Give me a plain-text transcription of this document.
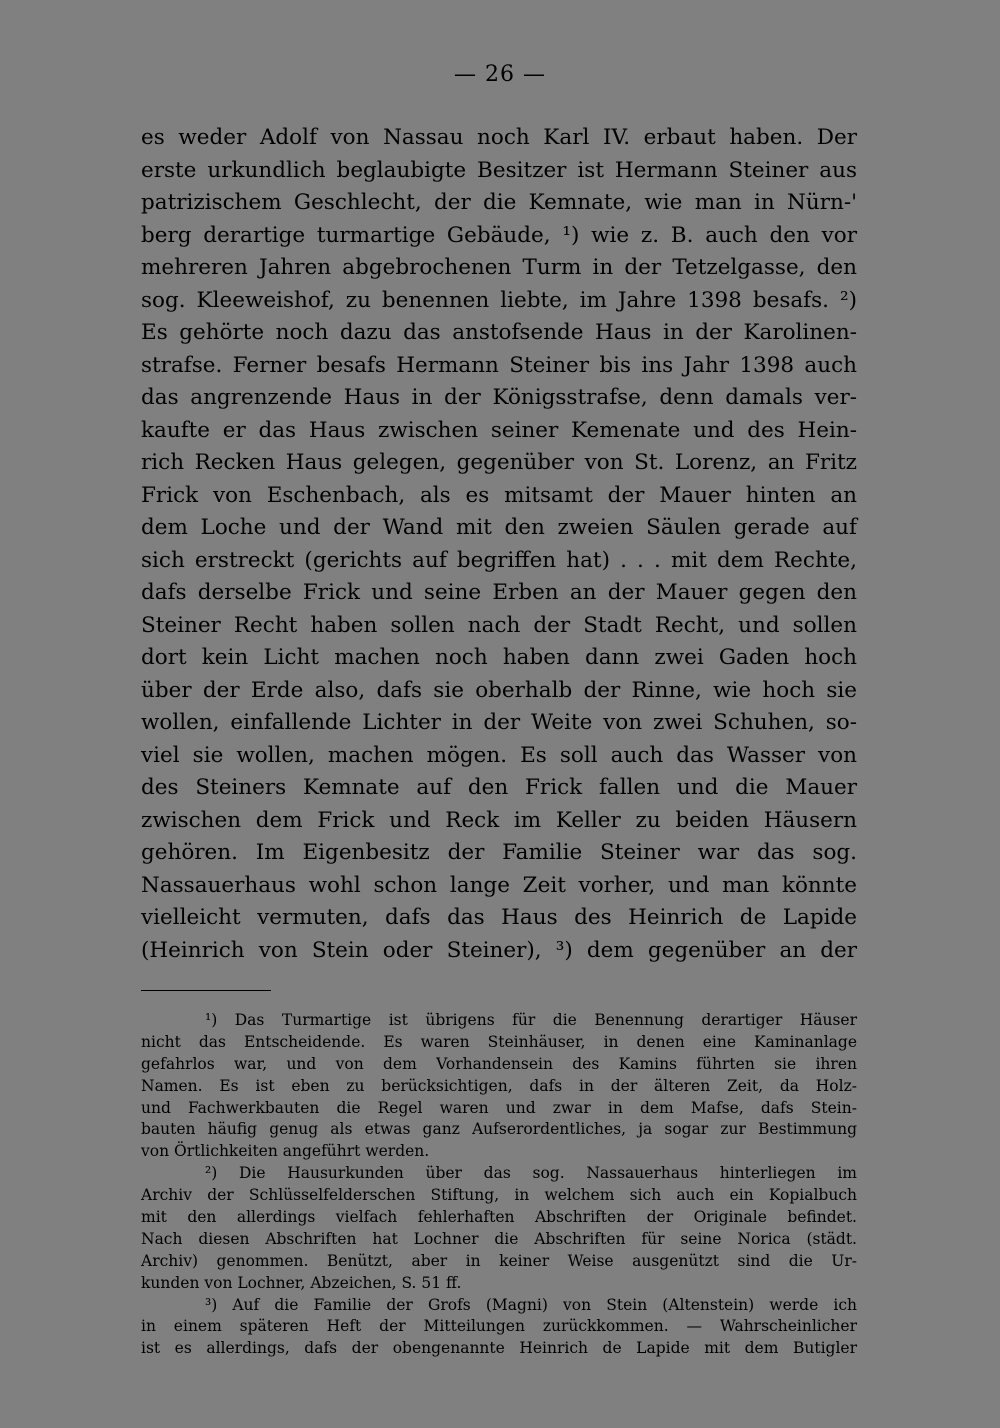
— 26 —
es weder Adolf von Nassau noch Karl IV. erbaut haben. Der
erste urkundlich beglaubigte Besitzer ist Hermann Steiner aus
patrizischem Geschlecht, der die Kemnate, wie man in Nürn-'
berg derartige turmartige Gebäude, ¹) wie z. B. auch den vor
mehreren Jahren abgebrochenen Turm in der Tetzelgasse, den
sog. Kleeweishof, zu benennen liebte, im Jahre 1398 besafs. ²)
Es gehörte noch dazu das anstofsende Haus in der Karolinen-
strafse. Ferner besafs Hermann Steiner bis ins Jahr 1398 auch
das angrenzende Haus in der Königsstrafse, denn damals ver-
kaufte er das Haus zwischen seiner Kemenate und des Hein-
rich Recken Haus gelegen, gegenüber von St. Lorenz, an Fritz
Frick von Eschenbach, als es mitsamt der Mauer hinten an
dem Loche und der Wand mit den zweien Säulen gerade auf
sich erstreckt (gerichts auf begriffen hat) . . . mit dem Rechte,
dafs derselbe Frick und seine Erben an der Mauer gegen den
Steiner Recht haben sollen nach der Stadt Recht, und sollen
dort kein Licht machen noch haben dann zwei Gaden hoch
über der Erde also, dafs sie oberhalb der Rinne, wie hoch sie
wollen, einfallende Lichter in der Weite von zwei Schuhen, so-
viel sie wollen, machen mögen. Es soll auch das Wasser von
des Steiners Kemnate auf den Frick fallen und die Mauer
zwischen dem Frick und Reck im Keller zu beiden Häusern
gehören. Im Eigenbesitz der Familie Steiner war das sog.
Nassauerhaus wohl schon lange Zeit vorher, und man könnte
vielleicht vermuten, dafs das Haus des Heinrich de Lapide
(Heinrich von Stein oder Steiner), ³) dem gegenüber an der
¹) Das Turmartige ist übrigens für die Benennung derartiger Häuser
nicht das Entscheidende. Es waren Steinhäuser, in denen eine Kaminanlage
gefahrlos war, und von dem Vorhandensein des Kamins führten sie ihren
Namen. Es ist eben zu berücksichtigen, dafs in der älteren Zeit, da Holz-
und Fachwerkbauten die Regel waren und zwar in dem Mafse, dafs Stein-
bauten häufig genug als etwas ganz Aufserordentliches, ja sogar zur Bestimmung
von Örtlichkeiten angeführt werden.
²) Die Hausurkunden über das sog. Nassauerhaus hinterliegen im
Archiv der Schlüsselfelderschen Stiftung, in welchem sich auch ein Kopialbuch
mit den allerdings vielfach fehlerhaften Abschriften der Originale befindet.
Nach diesen Abschriften hat Lochner die Abschriften für seine Norica (städt.
Archiv) genommen. Benützt, aber in keiner Weise ausgenützt sind die Ur-
kunden von Lochner, Abzeichen, S. 51 ff.
³) Auf die Familie der Grofs (Magni) von Stein (Altenstein) werde ich
in einem späteren Heft der Mitteilungen zurückkommen. — Wahrscheinlicher
ist es allerdings, dafs der obengenannte Heinrich de Lapide mit dem Butigler
